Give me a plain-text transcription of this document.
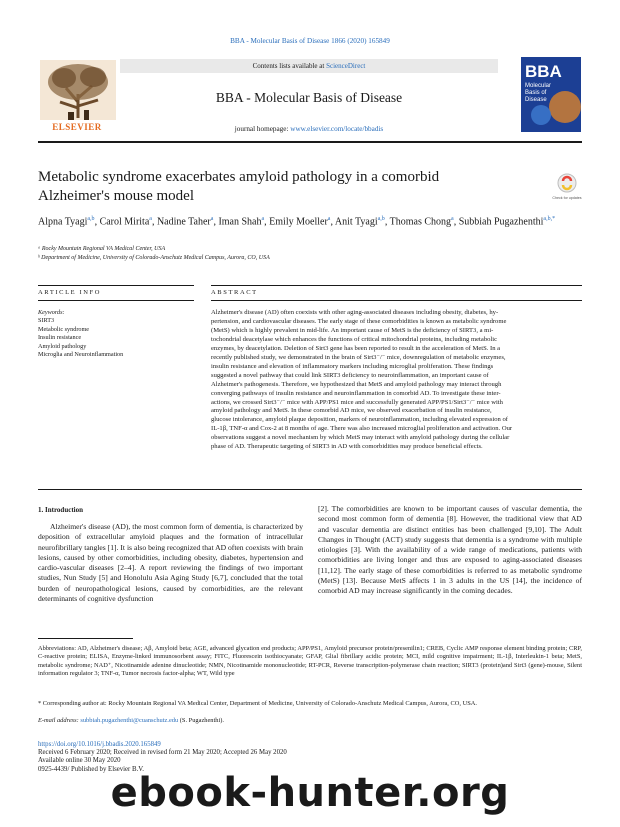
BBA - Molecular Basis of Disease 1866 (2020) 165849
ELSEVIER
Contents lists available at ScienceDirect
BBA - Molecular Basis of Disease
journal homepage: www.elsevier.com/locate/bbadis
BBA
Molecular
Basis of
Disease
Metabolic syndrome exacerbates amyloid pathology in a comorbid Alzheimer's mouse model	Check for updates
Alpna Tyagi$^{a,b}$, Carol Mirita$^a$, Nadine Taher$^a$, Iman Shah$^a$, Emily Moeller$^a$, Anit Tyagi$^{a,b}$, Thomas Chong$^a$, Subbiah Pugazhenthi$^{a,b,*}$
ᵃ Rocky Mountain Regional VA Medical Center, USA
ᵇ Department of Medicine, University of Colorado-Anschutz Medical Campus, Aurora, CO, USA
ARTICLE INFO	ABSTRACT
Keywords:
SIRT3
Metabolic syndrome
Insulin resistance
Amyloid pathology
Microglia and Neuroinflammation
Alzheimer's disease (AD) often coexists with other aging-associated diseases including obesity, diabetes, hy-
pertension, and cardiovascular diseases. The early stage of these comorbidities is known as metabolic syndrome
(MetS) which is highly prevalent in mid-life. An important cause of MetS is the deficiency of SIRT3, a mi-
tochondrial deacetylase which enhances the functions of critical mitochondrial proteins, including metabolic
enzymes, by deacetylation. Deletion of Sirt3 gene has been reported to result in the acceleration of MetS. In a
recently published study, we demonstrated in the brain of Sirt3⁻/⁻ mice, downregulation of metabolic enzymes,
insulin resistance and elevation of inflammatory markers including microglial proliferation. These findings
suggested a novel pathway that could link SIRT3 deficiency to neuroinflammation, an important cause of
Alzheimer's pathogenesis. Therefore, we hypothesized that MetS and amyloid pathology may interact through
converging pathways of insulin resistance and neuroinflammation in comorbid AD. To investigate these inter-
actions, we crossed Sirt3⁻/⁻ mice with APP/PS1 mice and successfully generated APP/PS1/Sirt3⁻/⁻ mice with
amyloid pathology and MetS. In these comorbid AD mice, we observed exacerbation of insulin resistance,
glucose intolerance, amyloid plaque deposition, markers of neuroinflammation, including elevated expression of
IL-1β, TNF-α and Cox-2 at 8 months of age. There was also increased microglial proliferation and activation. Our
observations suggest a novel mechanism by which MetS may interact with amyloid pathology during the cellular
phase of AD. Therapeutic targeting of SIRT3 in AD with comorbidities may produce beneficial effects.
1. Introduction
Alzheimer's disease (AD), the most common form of dementia, is characterized by deposition of extracellular amyloid plaques and the formation of intracellular neurofibrillary tangles [1]. It is also being recognized that AD often coexists with brain lesions, caused by other comorbidities, including obesity, diabetes, hypertension and cardio-vascular diseases [2–4]. A report reviewing the findings of two important studies, Nun Study [5] and Honolulu Asia Aging Study [6,7], concluded that the total burden of neuropathological lesions, caused by comorbidities, are the relevant determinants of cognitive dysfunction
[2]. The comorbidities are known to be important causes of vascular dementia, the second most common form of dementia [8]. However, the traditional view that AD and vascular dementia are distinct entities has been challenged [9,10]. The Adult Changes in Thought (ACT) study suggests that dementia is a syndrome with multiple etiologies [3]. With the availability of a wide range of medications, patients with comorbidities are living longer and thus are exposed to aging-associated diseases [11,12]. The early stage of these comorbidities is referred to as metabolic syndrome (MetS) [13]. Because MetS affects 1 in 3 adults in the US [14], the incidence of comorbid AD may increase significantly in the coming decades.
Abbreviations: AD, Alzheimer's disease; Aβ, Amyloid beta; AGE, advanced glycation end products; APP/PS1, Amyloid precursor protein/presenilin1; CREB, Cyclic AMP response element binding protein; CRP, C-reactive protein; ELISA, Enzyme-linked immunosorbent assay; FITC, Fluorescein isothiocyanate; GFAP, Glial fibrillary acidic protein; MCI, mild cognitive impairment; IL-1β, Interleukin-1 beta; MetS, metabolic syndrome; NAD⁺, Nicotinamide adenine dinucleotide; NMN, Nicotinamide mononucleotide; RT-PCR, Reverse transcription-polymerase chain reaction; SIRT3 (protein)and Sirt3 (gene)-mouse, Silent information regulator 3; TNF-α, Tumor necrosis factor-alpha; WT, Wild type
* Corresponding author at: Rocky Mountain Regional VA Medical Center, Department of Medicine, University of Colorado-Anschutz Medical Campus, Aurora, CO, USA.
E-mail address: subbiah.pugazhenthi@cuanschutz.edu (S. Pugazhenthi).
https://doi.org/10.1016/j.bbadis.2020.165849
Received 6 February 2020; Received in revised form 21 May 2020; Accepted 26 May 2020
Available online 30 May 2020
0925-4439/ Published by Elsevier B.V.
ebook-hunter.org
